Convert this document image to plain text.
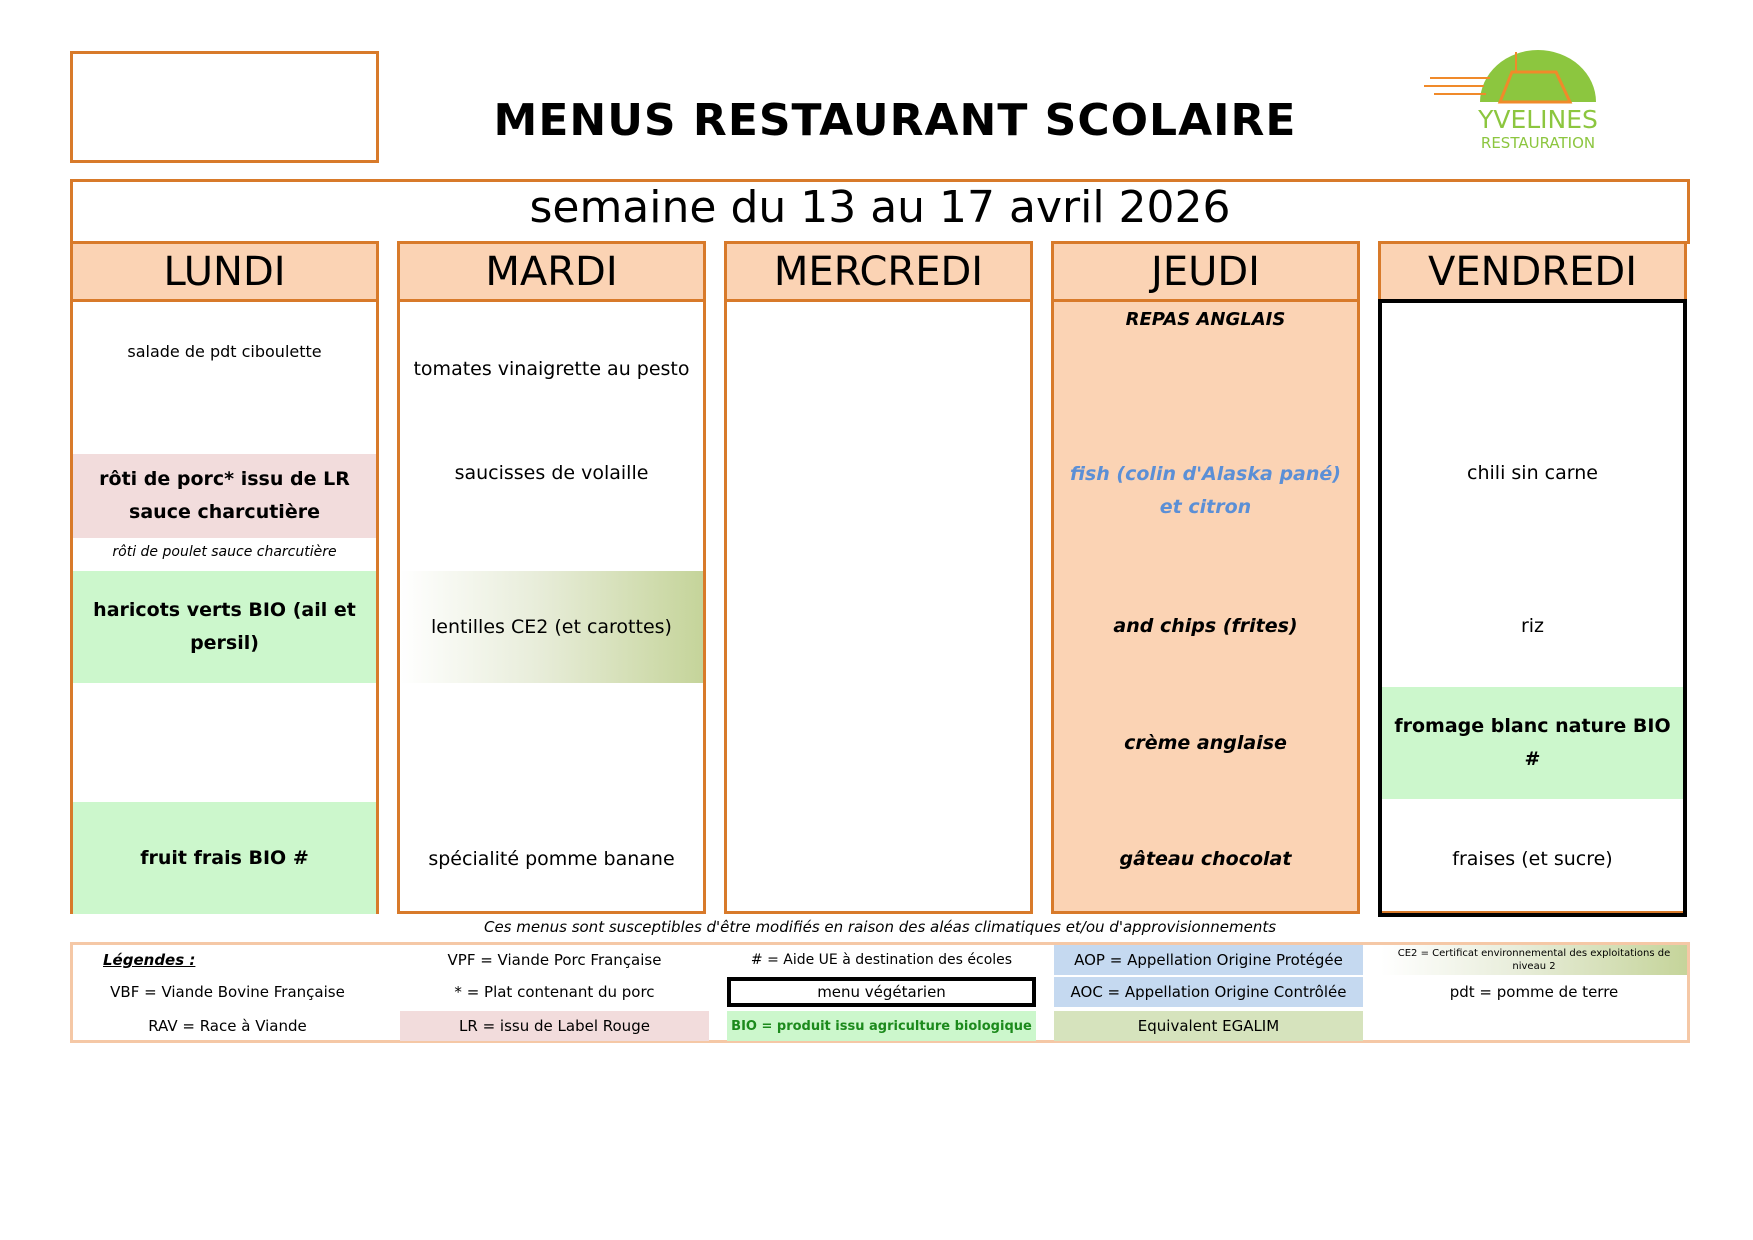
MENUS RESTAURANT SCOLAIRE	YVELINES
RESTAURATION
semaine du 13 au 17 avril 2026
LUNDI
salade de pdt ciboulette
rôti de porc* issu de LR sauce charcutière
rôti de poulet sauce charcutière
haricots verts BIO (ail et persil)
fruit frais BIO #
MARDI
tomates vinaigrette au pesto
saucisses de volaille
lentilles CE2 (et carottes)
spécialité pomme banane
MERCREDI	JEUDI
REPAS ANGLAIS
fish (colin d'Alaska pané) et citron
and chips (frites)
crème anglaise
gâteau chocolat
VENDREDI
chili sin carne
riz
fromage blanc nature BIO #
fraises (et sucre)
Ces menus sont susceptibles d'être modifiés en raison des aléas climatiques et/ou d'approvisionnements
Légendes :	VPF = Viande Porc Française	# = Aide UE à destination des écoles	AOP = Appellation Origine Protégée	CE2 = Certificat environnemental des exploitations de niveau 2
VBF = Viande Bovine Française	* = Plat contenant du porc	menu végétarien	AOC = Appellation Origine Contrôlée	pdt = pomme de terre
RAV = Race à Viande	LR = issu de Label Rouge	BIO = produit issu agriculture biologique	Equivalent EGALIM
